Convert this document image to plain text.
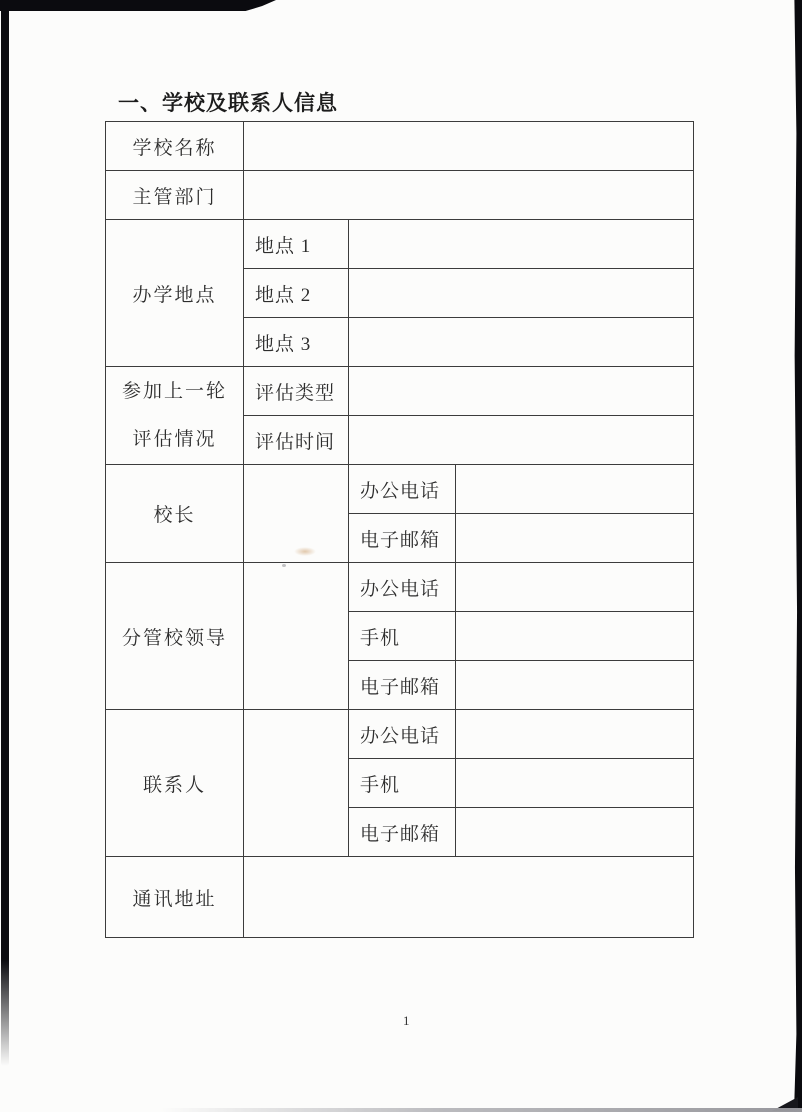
一、学校及联系人信息
学校名称			
主管部门			
办学地点	地点 1		
	地点 2		
	地点 3		
参加上一轮
评估情况	评估类型		
	评估时间		
校长		办公电话	
		电子邮箱	
分管校领导		办公电话	
		手机	
		电子邮箱	
联系人		办公电话	
		手机	
		电子邮箱	
通讯地址			
1
